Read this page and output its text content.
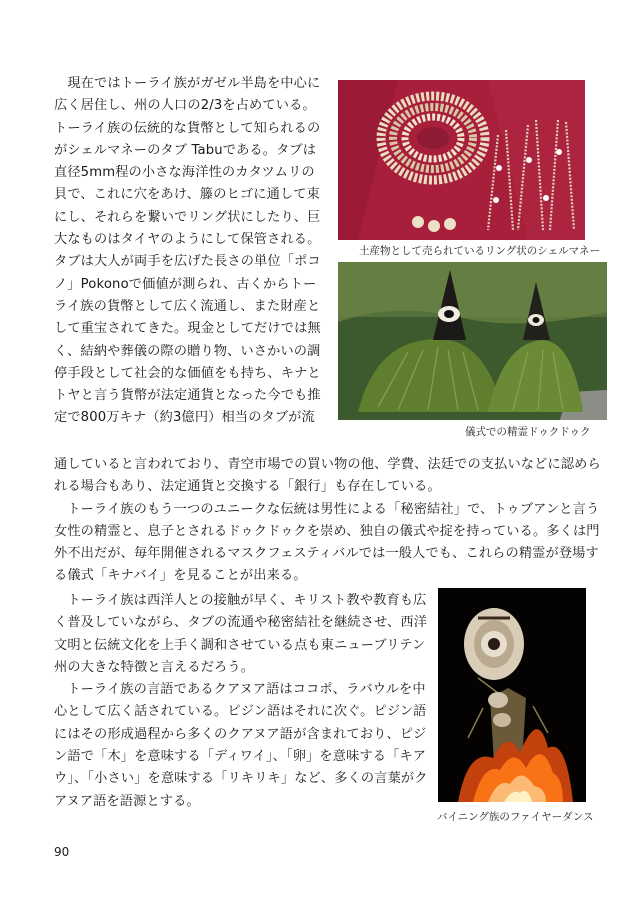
　現在ではトーライ族がガゼル半島を中心に
広く居住し、州の人口の2/3を占めている。
トーライ族の伝統的な貨幣として知られるの
がシェルマネーのタブ Tabuである。タブは
直径5mm程の小さな海洋性のカタツムリの
貝で、これに穴をあけ、籐のヒゴに通して束
にし、それらを繋いでリング状にしたり、巨
大なものはタイヤのようにして保管される。
タブは大人が両手を広げた長さの単位「ポコ
ノ」Pokonoで価値が測られ、古くからトー
ライ族の貨幣として広く流通し、また財産と
して重宝されてきた。現金としてだけでは無
く、結納や葬儀の際の贈り物、いさかいの調
停手段として社会的な価値をも持ち、キナと
トヤと言う貨幣が法定通貨となった今でも推
定で800万キナ（約3億円）相当のタブが流
通していると言われており、青空市場での買い物の他、学費、法廷での支払いなどに認めら
れる場合もあり、法定通貨と交換する「銀行」も存在している。
　トーライ族のもう一つのユニークな伝統は男性による「秘密結社」で、トゥブアンと言う
女性の精霊と、息子とされるドゥクドゥクを崇め、独自の儀式や掟を持っている。多くは門
外不出だが、毎年開催されるマスクフェスティバルでは一般人でも、これらの精霊が登場す
る儀式「キナバイ」を見ることが出来る。
　トーライ族は西洋人との接触が早く、キリスト教や教育も広
く普及していながら、タブの流通や秘密結社を継続させ、西洋
文明と伝統文化を上手く調和させている点も東ニューブリテン
州の大きな特徴と言えるだろう。
　トーライ族の言語であるクアヌア語はココポ、ラバウルを中
心として広く話されている。ピジン語はそれに次ぐ。ピジン語
にはその形成過程から多くのクアヌア語が含まれており、ピジ
ン語で「木」を意味する「ディワイ」、「卵」を意味する「キア
ウ」、「小さい」を意味する「リキリキ」など、多くの言葉がク
アヌア語を語源とする。
土産物として売られているリング状のシェルマネー
儀式での精霊ドゥクドゥク
バイニング族のファイヤーダンス
90
